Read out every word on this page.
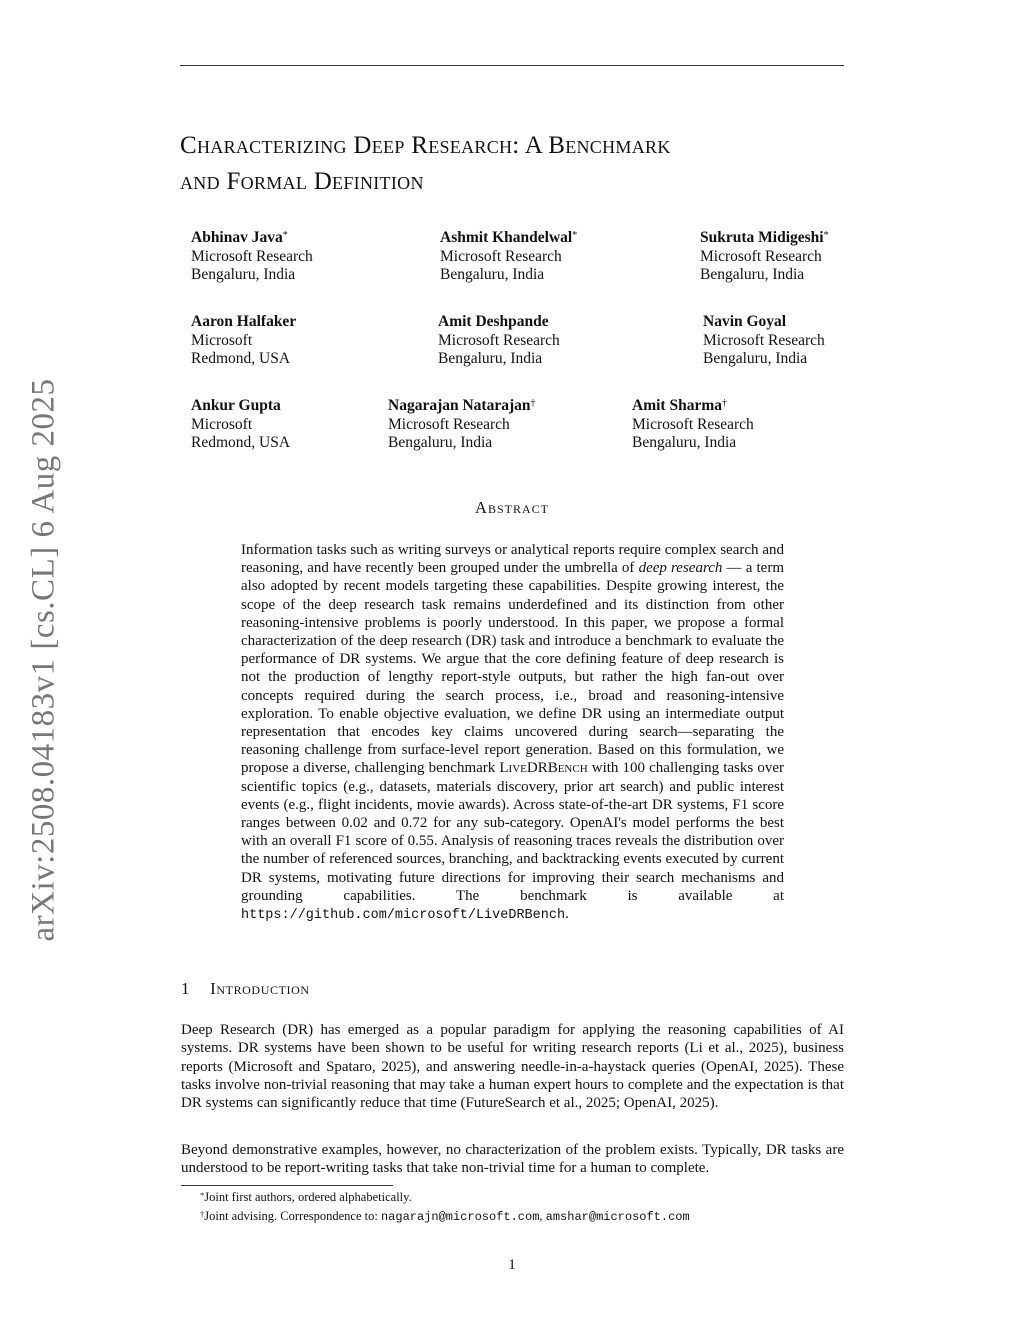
arXiv:2508.04183v1 [cs.CL] 6 Aug 2025
Characterizing Deep Research: A Benchmark
and Formal Definition
Abhinav Java*
Microsoft Research
Bengaluru, India
Ashmit Khandelwal*
Microsoft Research
Bengaluru, India
Sukruta Midigeshi*
Microsoft Research
Bengaluru, India
Aaron Halfaker
Microsoft
Redmond, USA
Amit Deshpande
Microsoft Research
Bengaluru, India
Navin Goyal
Microsoft Research
Bengaluru, India
Ankur Gupta
Microsoft
Redmond, USA
Nagarajan Natarajan†
Microsoft Research
Bengaluru, India
Amit Sharma†
Microsoft Research
Bengaluru, India
Abstract
Information tasks such as writing surveys or analytical reports require complex search and reasoning, and have recently been grouped under the umbrella of deep research — a term also adopted by recent models targeting these capabilities. Despite growing interest, the scope of the deep research task remains underdefined and its distinction from other reasoning-intensive problems is poorly understood. In this paper, we propose a formal characterization of the deep research (DR) task and introduce a benchmark to evaluate the performance of DR systems. We argue that the core defining feature of deep research is not the production of lengthy report-style outputs, but rather the high fan-out over concepts required during the search process, i.e., broad and reasoning-intensive exploration. To enable objective evaluation, we define DR using an intermediate output representation that encodes key claims uncovered during search—separating the reasoning challenge from surface-level report generation. Based on this formulation, we propose a diverse, challenging benchmark LiveDRBench with 100 challenging tasks over scientific topics (e.g., datasets, materials discovery, prior art search) and public interest events (e.g., flight incidents, movie awards). Across state-of-the-art DR systems, F1 score ranges between 0.02 and 0.72 for any sub-category. OpenAI's model performs the best with an overall F1 score of 0.55. Analysis of reasoning traces reveals the distribution over the number of referenced sources, branching, and backtracking events executed by current DR systems, motivating future directions for improving their search mechanisms and grounding capabilities. The benchmark is available at https://github.com/microsoft/LiveDRBench.
1 Introduction
Deep Research (DR) has emerged as a popular paradigm for applying the reasoning capabilities of AI systems. DR systems have been shown to be useful for writing research reports (Li et al., 2025), business reports (Microsoft and Spataro, 2025), and answering needle-in-a-haystack queries (OpenAI, 2025). These tasks involve non-trivial reasoning that may take a human expert hours to complete and the expectation is that DR systems can significantly reduce that time (FutureSearch et al., 2025; OpenAI, 2025).
Beyond demonstrative examples, however, no characterization of the problem exists. Typically, DR tasks are understood to be report-writing tasks that take non-trivial time for a human to complete.
*Joint first authors, ordered alphabetically.
†Joint advising. Correspondence to: nagarajn@microsoft.com, amshar@microsoft.com
1
